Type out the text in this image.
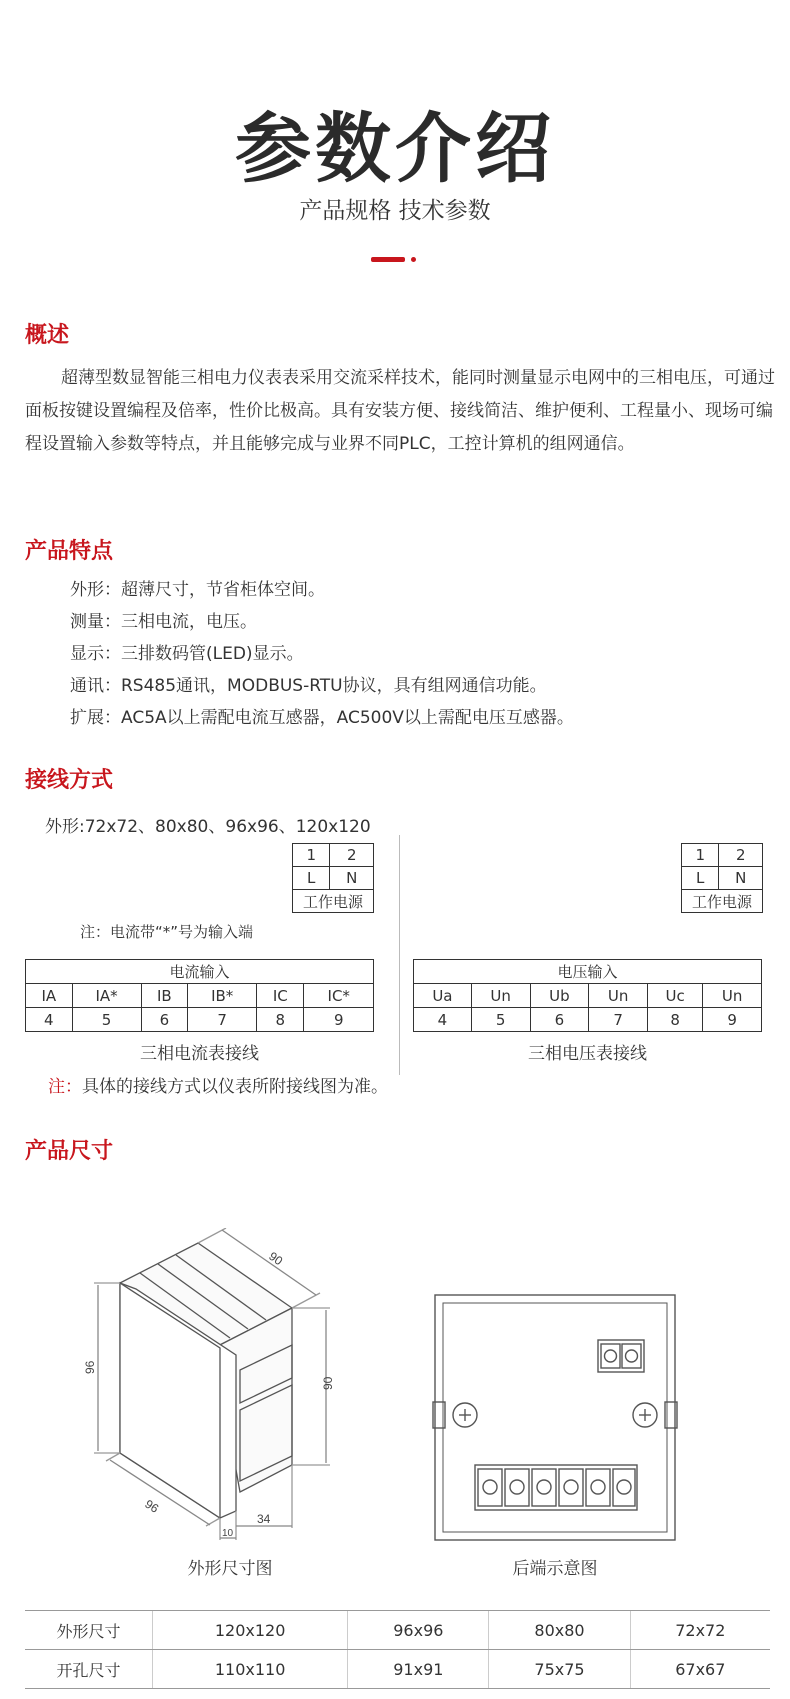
参数介绍
产品规格 技术参数
概述
超薄型数显智能三相电力仪表表采用交流采样技术，能同时测量显示电网中的三相电压，可通过面板按键设置编程及倍率，性价比极高。具有安装方便、接线简洁、维护便利、工程量小、现场可编程设置输入参数等特点，并且能够完成与业界不同PLC，工控计算机的组网通信。
产品特点
外形：超薄尺寸，节省柜体空间。
测量：三相电流，电压。
显示：三排数码管(LED)显示。
通讯：RS485通讯，MODBUS-RTU协议，具有组网通信功能。
扩展：AC5A以上需配电流互感器，AC500V以上需配电压互感器。
接线方式
外形:72x72、80x80、96x96、120x120
1	2
L	N
工作电源	
注：电流带“*”号为输入端
1	2
L	N
工作电源	
电流输入					
IA	IA*	IB	IB*	IC	IC*
4	5	6	7	8	9
三相电流表接线
电压输入					
Ua	Un	Ub	Un	Uc	Un
4	5	6	7	8	9
三相电压表接线
注：具体的接线方式以仪表所附接线图为准。
产品尺寸
90
90
96
96
34
10
外形尺寸图	后端示意图
外形尺寸	120x120	96x96	80x80	72x72
开孔尺寸	110x110	91x91	75x75	67x67
